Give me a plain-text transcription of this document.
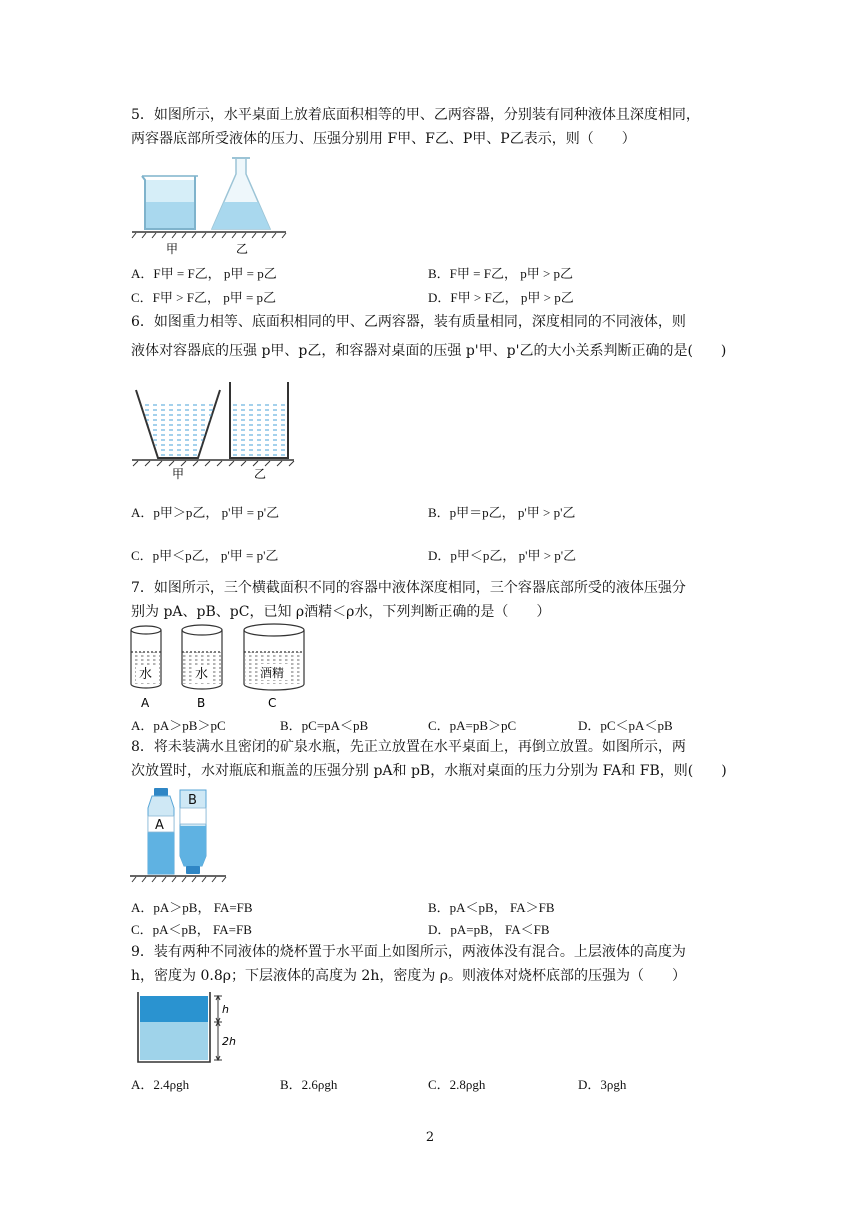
5．如图所示，水平桌面上放着底面积相等的甲、乙两容器，分别装有同种液体且深度相同，
两容器底部所受液体的压力、压强分别用 F甲、F乙、P甲、P乙表示，则（　　）
甲	乙
A．F甲 = F乙， p甲 = p乙	B．F甲 = F乙， p甲 > p乙
C．F甲 > F乙， p甲 = p乙	D．F甲 > F乙， p甲 > p乙
6．如图重力相等、底面积相同的甲、乙两容器，装有质量相同，深度相同的不同液体，则
液体对容器底的压强 p甲、p乙，和容器对桌面的压强 p'甲、p'乙的大小关系判断正确的是(　　)
甲	乙
A．p甲＞p乙， p'甲 = p'乙	B．p甲＝p乙， p'甲 > p'乙
C．p甲＜p乙， p'甲 = p'乙	D．p甲＜p乙， p'甲 > p'乙
7．如图所示，三个横截面积不同的容器中液体深度相同，三个容器底部所受的液体压强分
别为 pA、pB、pC，已知 ρ酒精＜ρ水，下列判断正确的是（　　）
水	水	酒精
A	B	C
A．pA＞pB＞pC	B．pC=pA＜pB	C．pA=pB＞pC	D．pC＜pA＜pB
8．将未装满水且密闭的矿泉水瓶，先正立放置在水平桌面上，再倒立放置。如图所示，两
次放置时，水对瓶底和瓶盖的压强分别 pA和 pB，水瓶对桌面的压力分别为 FA和 FB，则(　　)
A
B
A．pA＞pB， FA=FB	B．pA＜pB， FA＞FB
C．pA＜pB， FA=FB	D．pA=pB， FA＜FB
9．装有两种不同液体的烧杯置于水平面上如图所示，两液体没有混合。上层液体的高度为
h，密度为 0.8ρ；下层液体的高度为 2h，密度为 ρ。则液体对烧杯底部的压强为（　　）
h
2h
A．2.4ρgh	B．2.6ρgh	C．2.8ρgh	D．3ρgh
2
